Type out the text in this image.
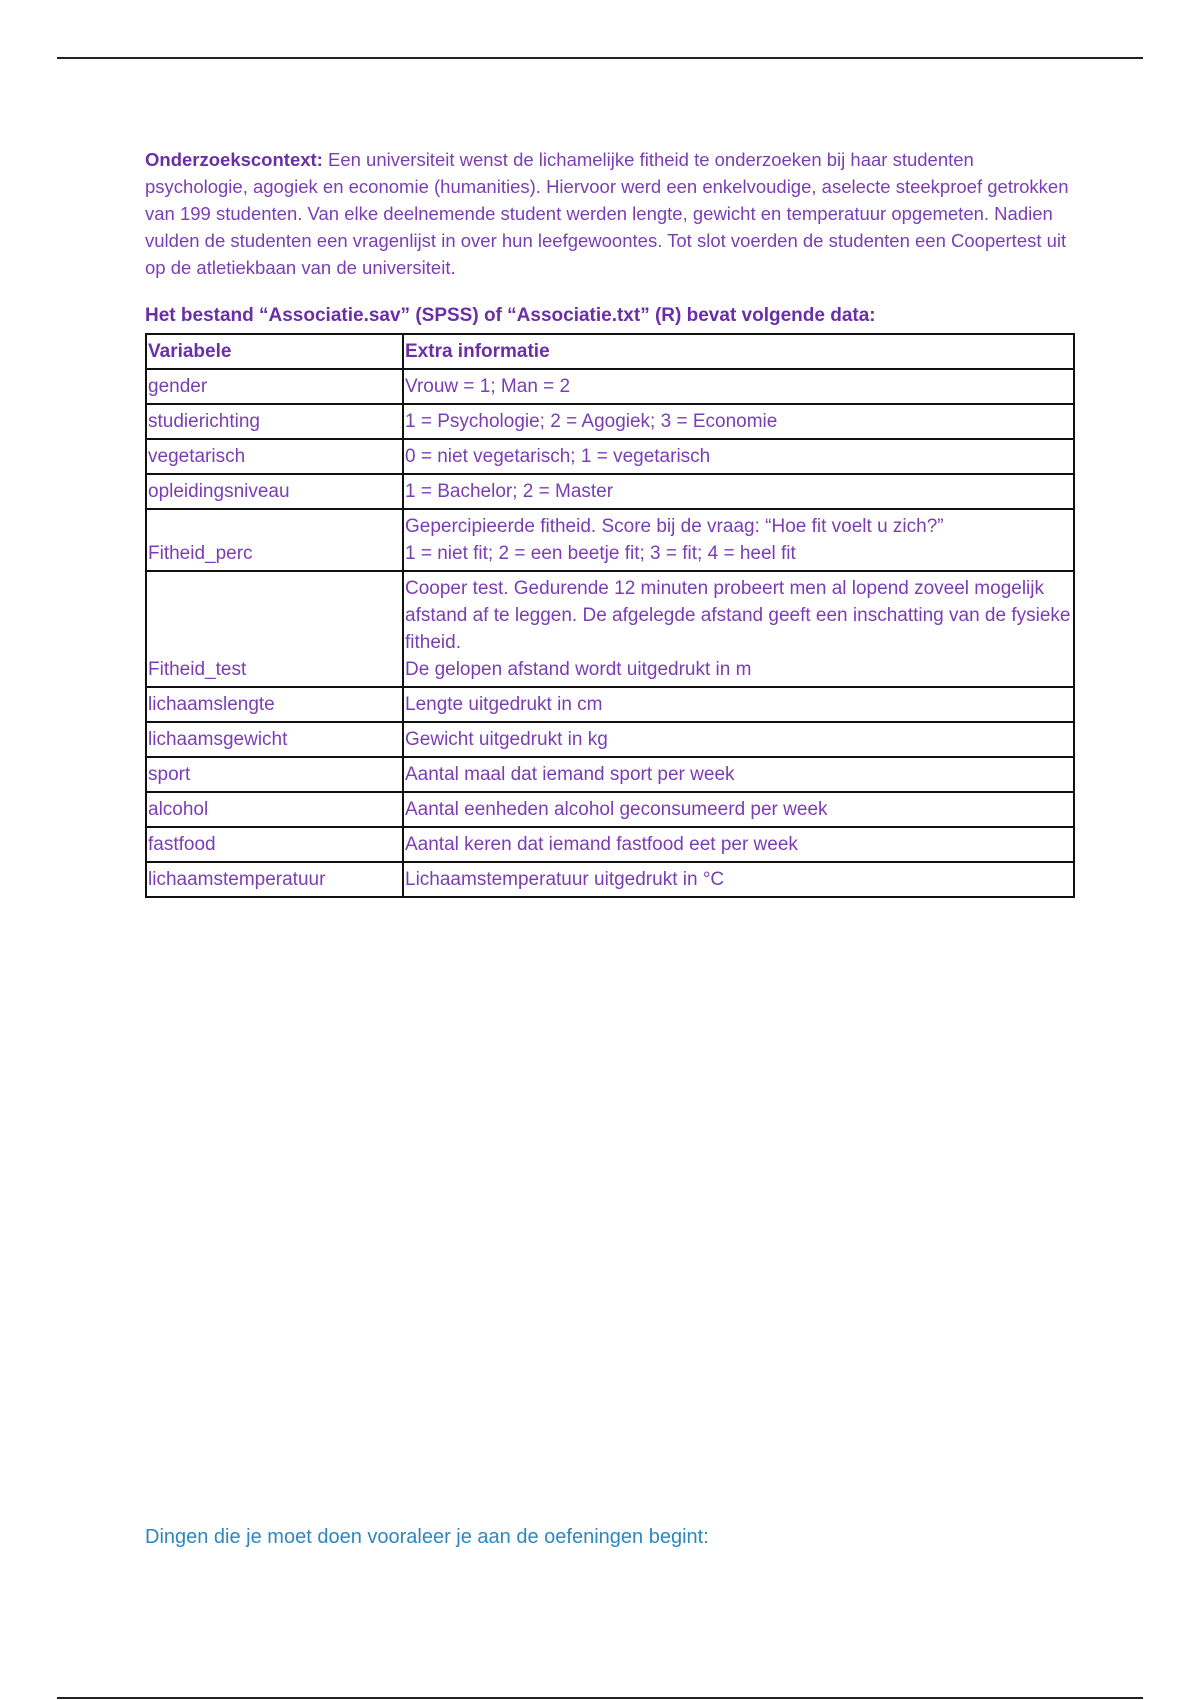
Onderzoekscontext: Een universiteit wenst de lichamelijke fitheid te onderzoeken bij haar studenten psychologie, agogiek en economie (humanities). Hiervoor werd een enkelvoudige, aselecte steekproef getrokken van 199 studenten. Van elke deelnemende student werden lengte, gewicht en temperatuur opgemeten. Nadien vulden de studenten een vragenlijst in over hun leefgewoontes. Tot slot voerden de studenten een Coopertest uit op de atletiekbaan van de universiteit.

Het bestand “Associatie.sav” (SPSS) of “Associatie.txt” (R) bevat volgende data:

Variabele	Extra informatie
gender	Vrouw = 1; Man = 2

studierichting	1 = Psychologie; 2 = Agogiek; 3 = Economie

vegetarisch	0 = niet vegetarisch; 1 = vegetarisch

opleidingsniveau	1 = Bachelor; 2 = Master

Fitheid_perc	Gepercipieerde fitheid. Score bij de vraag: “Hoe fit voelt u zich?”
1 = niet fit; 2 = een beetje fit; 3 = fit; 4 = heel fit

Fitheid_test	Cooper test. Gedurende 12 minuten probeert men al lopend zoveel mogelijk afstand af te leggen. De afgelegde afstand geeft een inschatting van de fysieke fitheid.
De gelopen afstand wordt uitgedrukt in m

lichaamslengte	Lengte uitgedrukt in cm

lichaamsgewicht	Gewicht uitgedrukt in kg

sport	Aantal maal dat iemand sport per week

alcohol	Aantal eenheden alcohol geconsumeerd per week

fastfood	Aantal keren dat iemand fastfood eet per week

lichaamstemperatuur	Lichaamstemperatuur uitgedrukt in °C
Dingen die je moet doen vooraleer je aan de oefeningen begint:
